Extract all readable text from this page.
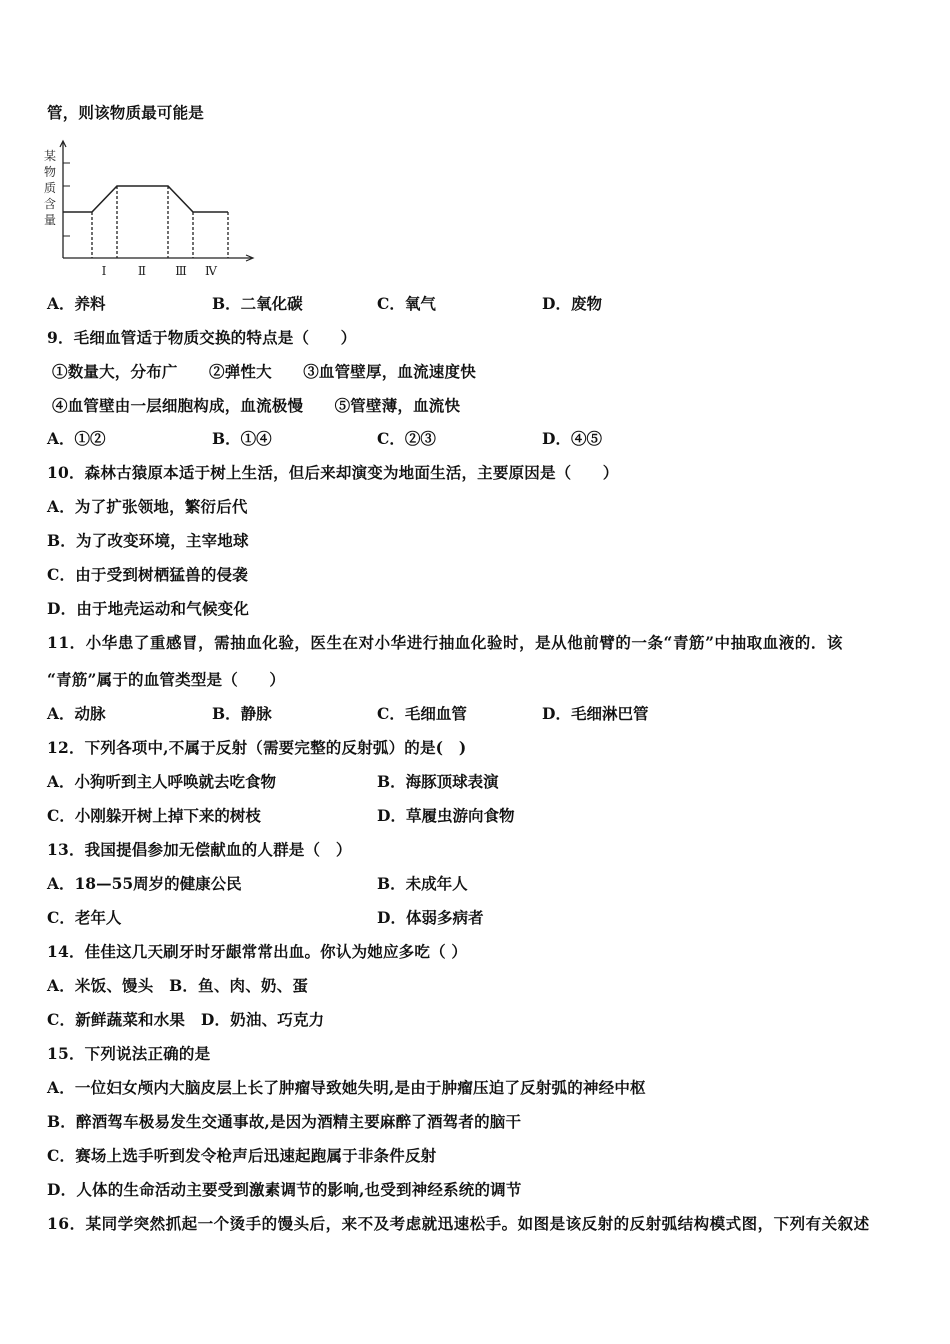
管，则该物质最可能是
某
物
质
含
量
Ⅰ	Ⅱ Ⅲ Ⅳ
A．养料	B．二氧化碳	C．氧气	D．废物
9．毛细血管适于物质交换的特点是（　　）
①数量大，分布广　　②弹性大　　③血管壁厚，血流速度快
④血管壁由一层细胞构成，血流极慢　　⑤管壁薄，血流快
A．①②	B．①④	C．②③	D．④⑤
10．森林古猿原本适于树上生活，但后来却演变为地面生活，主要原因是（　　）
A．为了扩张领地，繁衍后代
B．为了改变环境，主宰地球
C．由于受到树栖猛兽的侵袭
D．由于地壳运动和气候变化
11．小华患了重感冒，需抽血化验，医生在对小华进行抽血化验时，是从他前臂的一条“青筋”中抽取血液的．该
“青筋”属于的血管类型是（　　）
A．动脉	B．静脉	C．毛细血管	D．毛细淋巴管
12．下列各项中,不属于反射（需要完整的反射弧）的是(　)
A．小狗听到主人呼唤就去吃食物	B．海豚顶球表演
C．小刚躲开树上掉下来的树枝	D．草履虫游向食物
13．我国提倡参加无偿献血的人群是（　）
A．18—55周岁的健康公民	B．未成年人
C．老年人	D．体弱多病者
14．佳佳这几天刷牙时牙龈常常出血。你认为她应多吃（ ）
A．米饭、馒头　B．鱼、肉、奶、蛋
C．新鲜蔬菜和水果　D．奶油、巧克力
15．下列说法正确的是
A．一位妇女颅内大脑皮层上长了肿瘤导致她失明,是由于肿瘤压迫了反射弧的神经中枢
B．醉酒驾车极易发生交通事故,是因为酒精主要麻醉了酒驾者的脑干
C．赛场上选手听到发令枪声后迅速起跑属于非条件反射
D．人体的生命活动主要受到激素调节的影响,也受到神经系统的调节
16．某同学突然抓起一个烫手的馒头后，来不及考虑就迅速松手。如图是该反射的反射弧结构模式图，下列有关叙述
